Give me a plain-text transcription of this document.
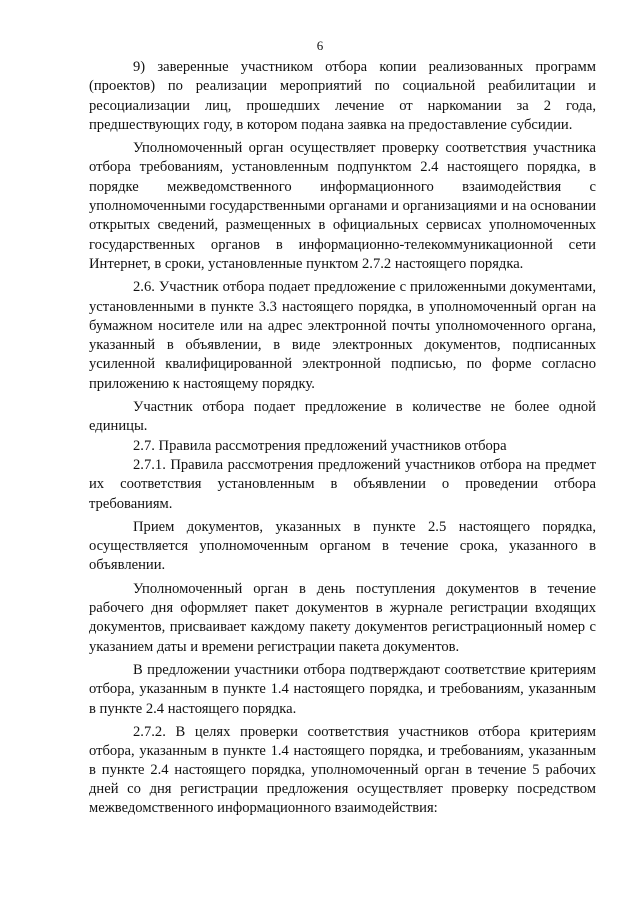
6

9) заверенные участником отбора копии реализованных программ (проектов) по реализации мероприятий по социальной реабилитации и ресоциализации лиц, прошедших лечение от наркомании за 2 года, предшествующих году, в котором подана заявка на предоставление субсидии.

Уполномоченный орган осуществляет проверку соответствия участника отбора требованиям, установленным подпунктом 2.4 настоящего порядка, в порядке межведомственного информационного взаимодействия с уполномоченными государственными органами и организациями и на основании открытых сведений, размещенных в официальных сервисах уполномоченных государственных органов в информационно-телекоммуникационной сети Интернет, в сроки, установленные пунктом 2.7.2 настоящего порядка.

2.6. Участник отбора подает предложение с приложенными документами, установленными в пункте 3.3 настоящего порядка, в уполномоченный орган на бумажном носителе или на адрес электронной почты уполномоченного органа, указанный в объявлении, в виде электронных документов, подписанных усиленной квалифицированной электронной подписью, по форме согласно приложению к настоящему порядку.

Участник отбора подает предложение в количестве не более одной единицы.

2.7. Правила рассмотрения предложений участников отбора

2.7.1. Правила рассмотрения предложений участников отбора на предмет их соответствия установленным в объявлении о проведении отбора требованиям.

Прием документов, указанных в пункте 2.5 настоящего порядка, осуществляется уполномоченным органом в течение срока, указанного в объявлении.

Уполномоченный орган в день поступления документов в течение рабочего дня оформляет пакет документов в журнале регистрации входящих документов, присваивает каждому пакету документов регистрационный номер с указанием даты и времени регистрации пакета документов.

В предложении участники отбора подтверждают соответствие критериям отбора, указанным в пункте 1.4 настоящего порядка, и требованиям, указанным в пункте 2.4 настоящего порядка.

2.7.2. В целях проверки соответствия участников отбора критериям отбора, указанным в пункте 1.4 настоящего порядка, и требованиям, указанным в пункте 2.4 настоящего порядка, уполномоченный орган в течение 5 рабочих дней со дня регистрации предложения осуществляет проверку посредством межведомственного информационного взаимодействия:
